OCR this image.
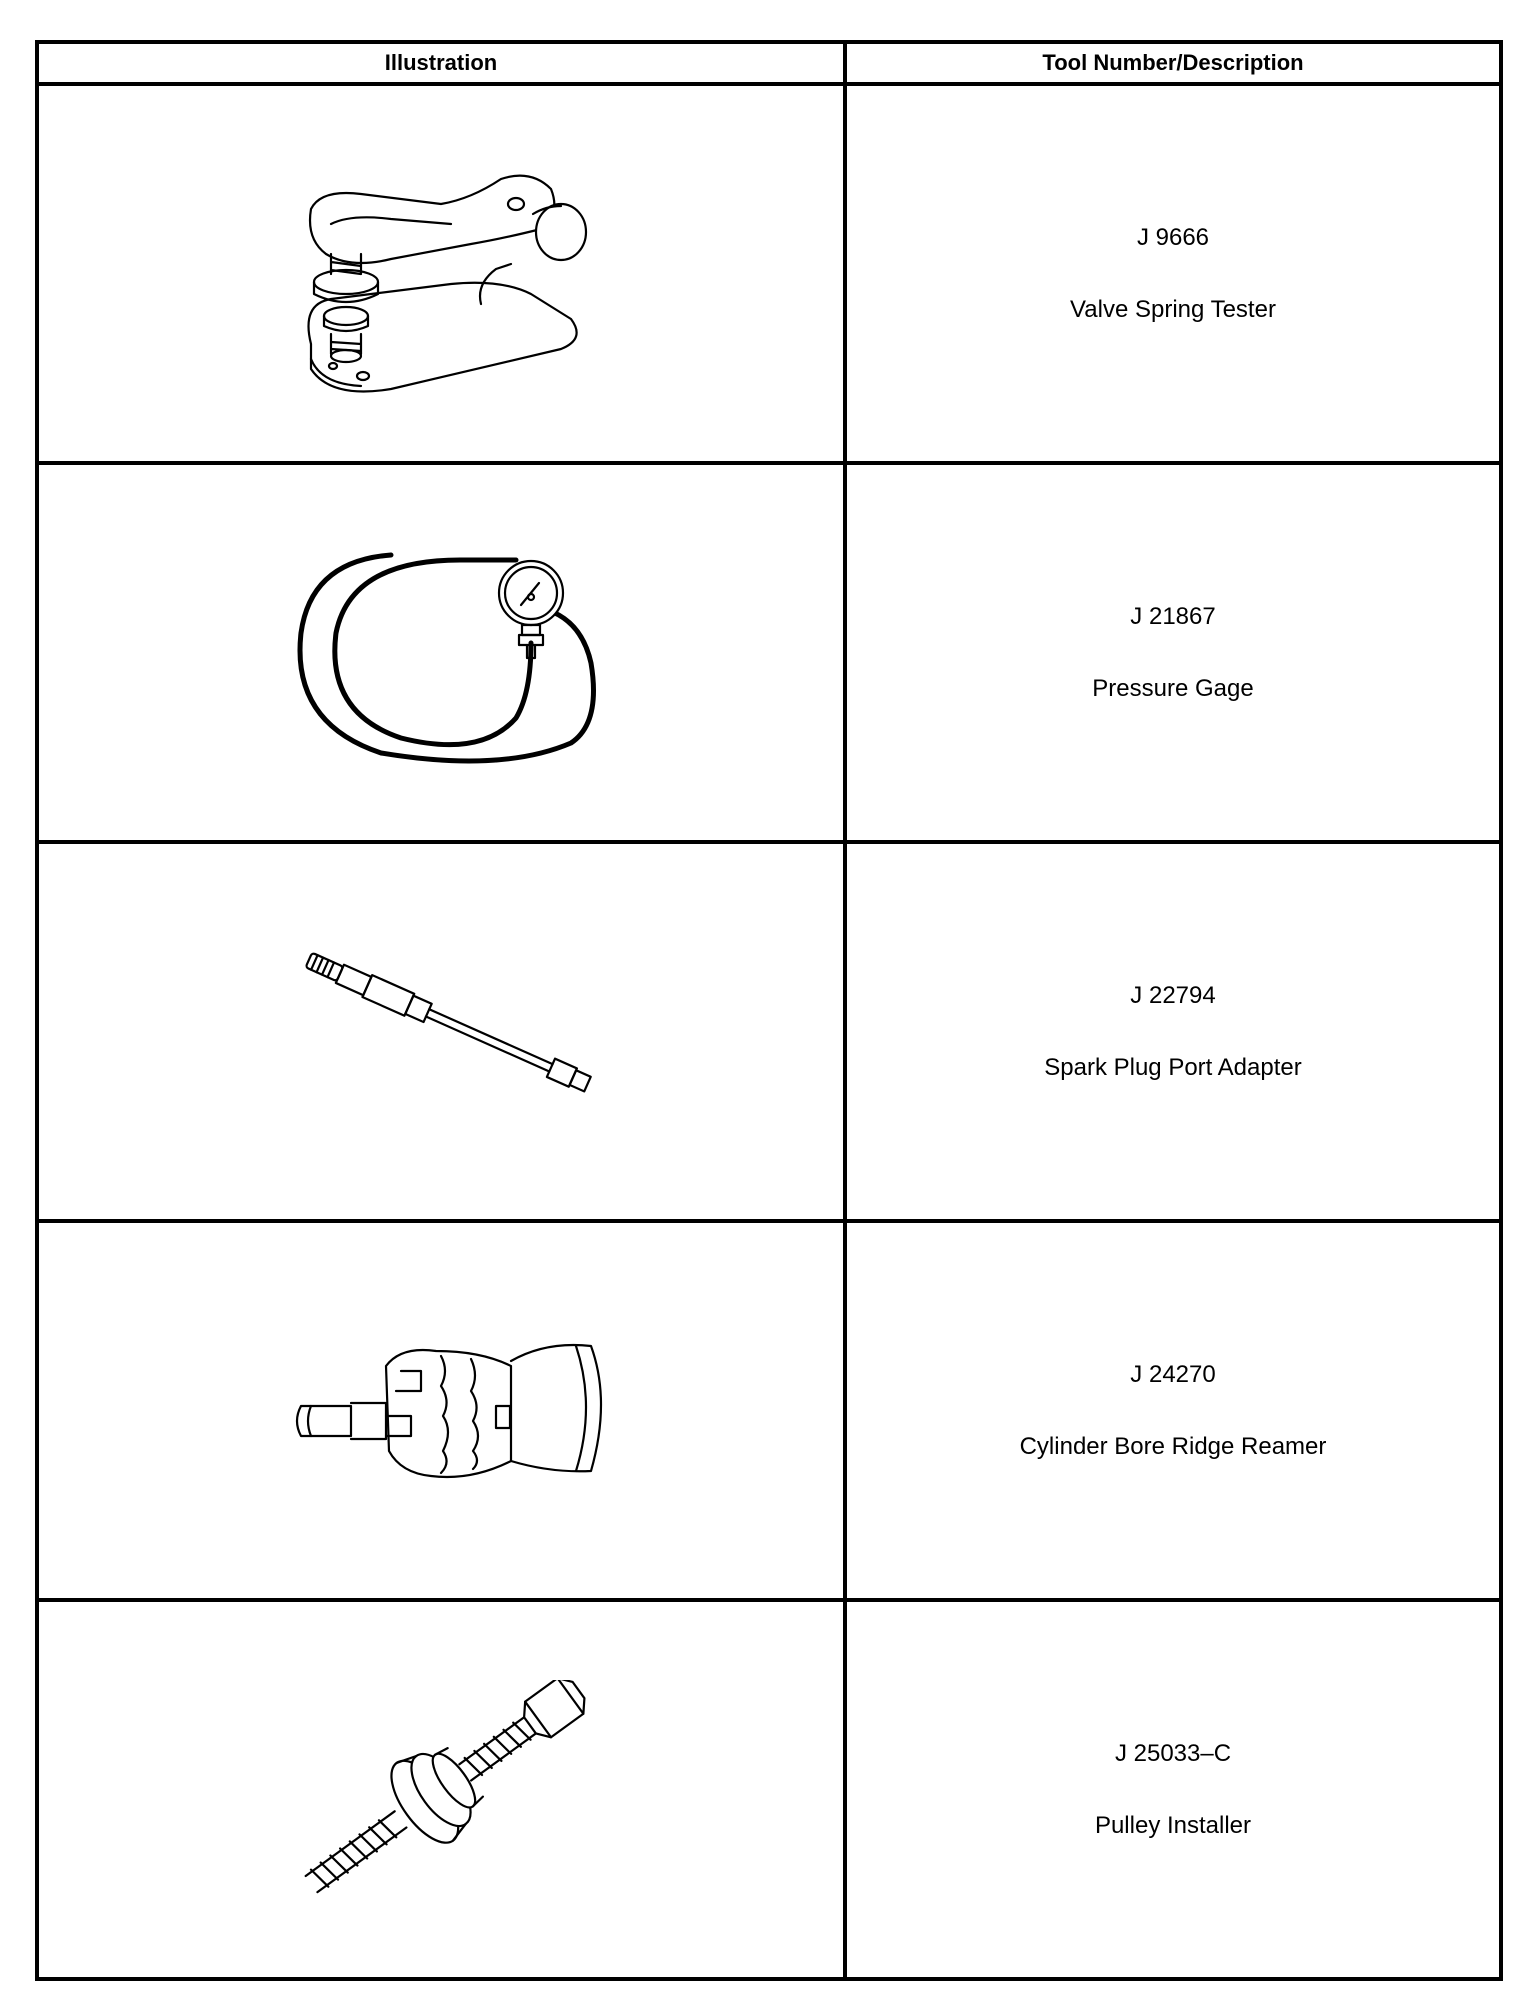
Illustration	Tool Number/Description
J 9666
Valve Spring Tester
J 21867
Pressure Gage
J 22794
Spark Plug Port Adapter
J 24270
Cylinder Bore Ridge Reamer
J 25033–C
Pulley Installer
